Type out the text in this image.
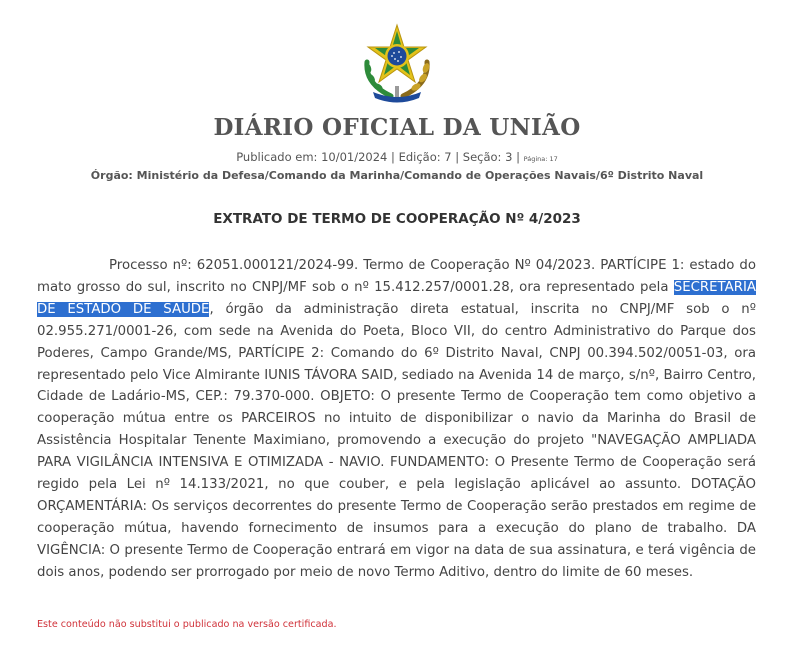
DIÁRIO OFICIAL DA UNIÃO
Publicado em: 10/01/2024 | Edição: 7 | Seção: 3 | Página: 17
Órgão: Ministério da Defesa/Comando da Marinha/Comando de Operações Navais/6º Distrito Naval
EXTRATO DE TERMO DE COOPERAÇÃO Nº 4/2023

Processo nº: 62051.000121/2024-99. Termo de Cooperação Nº 04/2023. PARTÍCIPE 1: estado do mato grosso do sul, inscrito no CNPJ/MF sob o nº 15.412.257/0001.28, ora representado pela SECRETARIA DE ESTADO DE SAÚDE, órgão da administração direta estatual, inscrita no CNPJ/MF sob o nº 02.955.271/0001-26, com sede na Avenida do Poeta, Bloco VII, do centro Administrativo do Parque dos Poderes, Campo Grande/MS, PARTÍCIPE 2: Comando do 6º Distrito Naval, CNPJ 00.394.502/0051-03, ora representado pelo Vice Almirante IUNIS TÁVORA SAID, sediado na Avenida 14 de março, s/nº, Bairro Centro, Cidade de Ladário-MS, CEP.: 79.370-000. OBJETO: O presente Termo de Cooperação tem como objetivo a cooperação mútua entre os PARCEIROS no intuito de disponibilizar o navio da Marinha do Brasil de Assistência Hospitalar Tenente Maximiano, promovendo a execução do projeto "NAVEGAÇÃO AMPLIADA PARA VIGILÂNCIA INTENSIVA E OTIMIZADA - NAVIO. FUNDAMENTO: O Presente Termo de Cooperação será regido pela Lei nº 14.133/2021, no que couber, e pela legislação aplicável ao assunto. DOTAÇÃO ORÇAMENTÁRIA: Os serviços decorrentes do presente Termo de Cooperação serão prestados em regime de cooperação mútua, havendo fornecimento de insumos para a execução do plano de trabalho. DA VIGÊNCIA: O presente Termo de Cooperação entrará em vigor na data de sua assinatura, e terá vigência de dois anos, podendo ser prorrogado por meio de novo Termo Aditivo, dentro do limite de 60 meses.

Este conteúdo não substitui o publicado na versão certificada.
